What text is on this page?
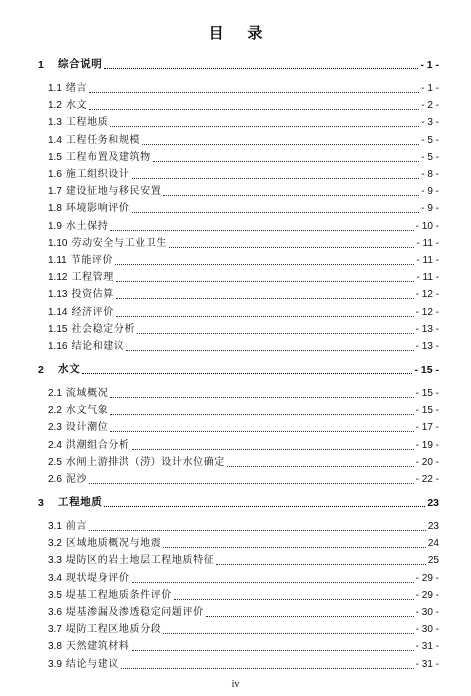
目 录
1	综合说明	- 1 -
1.1 绪言	- 1 -
1.2 水文	- 2 -
1.3 工程地质	- 3 -
1.4 工程任务和规模	- 5 -
1.5 工程布置及建筑物	- 5 -
1.6 施工组织设计	- 8 -
1.7 建设征地与移民安置	- 9 -
1.8 环境影响评价	- 9 -
1.9 水土保持	- 10 -
1.10 劳动安全与工业卫生	- 11 -
1.11 节能评价	- 11 -
1.12 工程管理	- 11 -
1.13 投资估算	- 12 -
1.14 经济评价	- 12 -
1.15 社会稳定分析	- 13 -
1.16 结论和建议	- 13 -
2	水文	- 15 -
2.1 流域概况	- 15 -
2.2 水文气象	- 15 -
2.3 设计潮位	- 17 -
2.4 洪潮组合分析	- 19 -
2.5 水闸上游排洪（涝）设计水位确定	- 20 -
2.6 泥沙	- 22 -
3	工程地质	23
3.1 前言	23
3.2 区域地质概况与地震	24
3.3 堤防区的岩土地层工程地质特征	25
3.4 现状堤身评价	- 29 -
3.5 堤基工程地质条件评价	- 29 -
3.6 堤基渗漏及渗透稳定问题评价	- 30 -
3.7 堤防工程区地质分段	- 30 -
3.8 天然建筑材料	- 31 -
3.9 结论与建议	- 31 -
iv
